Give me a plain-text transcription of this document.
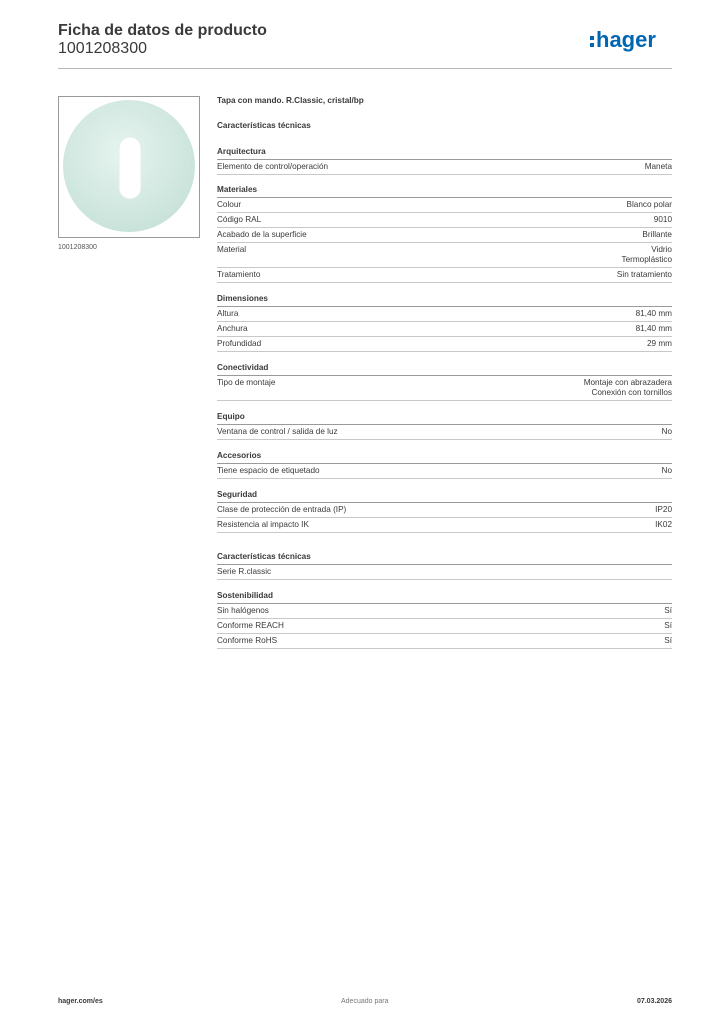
Ficha de datos de producto
1001208300	hager
1001208300
Tapa con mando. R.Classic, cristal/bp
Características técnicas
Arquitectura
Elemento de control/operación	Maneta
Materiales
Colour	Blanco polar
Código RAL	9010
Acabado de la superficie	Brillante
Material	Vidrio
Termoplástico
Tratamiento	Sin tratamiento
Dimensiones
Altura	81,40 mm
Anchura	81,40 mm
Profundidad	29 mm
Conectividad
Tipo de montaje	Montaje con abrazadera
Conexión con tornillos
Equipo
Ventana de control / salida de luz	No
Accesorios
Tiene espacio de etiquetado	No
Seguridad
Clase de protección de entrada (IP)	IP20
Resistencia al impacto IK	IK02
Características técnicas
Serie R.classic
Sostenibilidad
Sin halógenos	Sí
Conforme REACH	Sí
Conforme RoHS	Sí
hager.com/es	Adecuado para	07.03.2026
